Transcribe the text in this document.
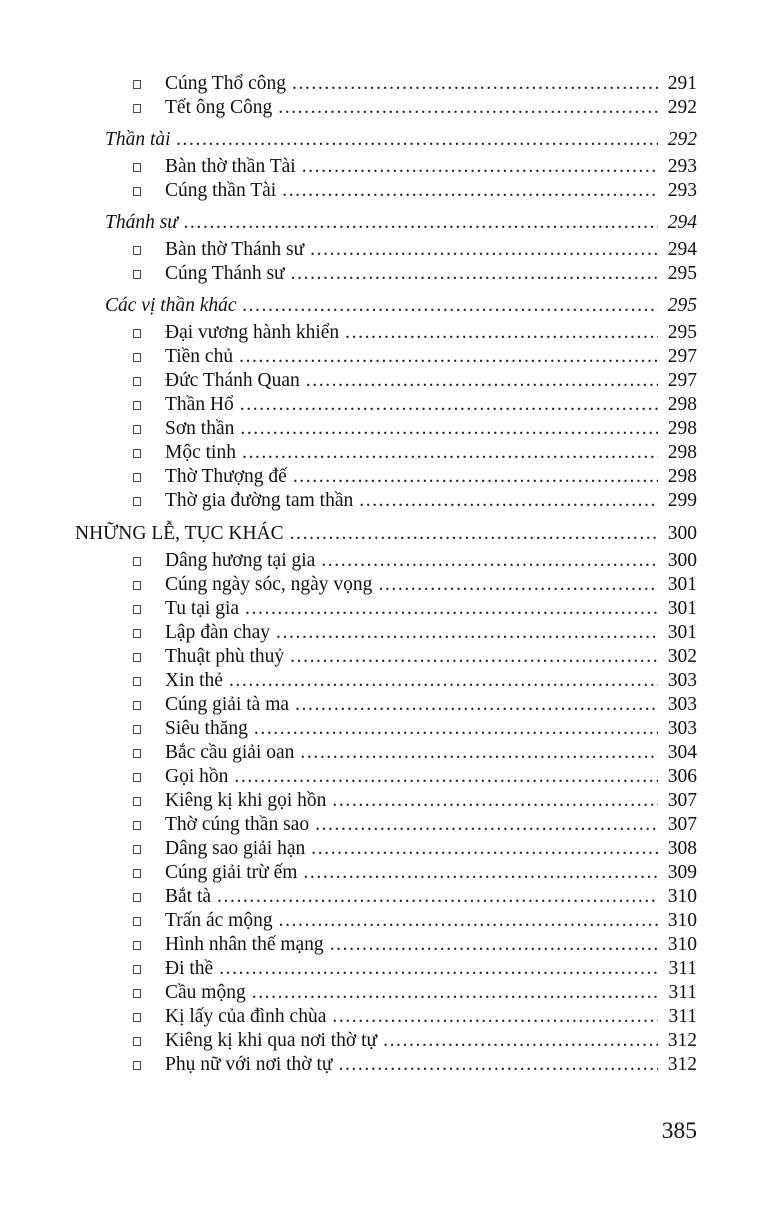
Cúng Thổ công .....	291
Tết ông Công .....	292
Thần tài .....	292
Bàn thờ thần Tài .....	293
Cúng thần Tài .....	293
Thánh sư .....	294
Bàn thờ Thánh sư .....	294
Cúng Thánh sư .....	295
Các vị thần khác .....	295
Đại vương hành khiển .....	295
Tiền chủ .....	297
Đức Thánh Quan .....	297
Thần Hổ .....	298
Sơn thần .....	298
Mộc tinh .....	298
Thờ Thượng đế .....	298
Thờ gia đường tam thần .....	299
NHỮNG LỄ, TỤC KHÁC .....	300
Dâng hương tại gia .....	300
Cúng ngày sóc, ngày vọng .....	301
Tu tại gia .....	301
Lập đàn chay .....	301
Thuật phù thuỷ .....	302
Xin thẻ .....	303
Cúng giải tà ma .....	303
Siêu thăng .....	303
Bắc cầu giải oan .....	304
Gọi hồn .....	306
Kiêng kị khi gọi hồn .....	307
Thờ cúng thần sao .....	307
Dâng sao giải hạn .....	308
Cúng giải trừ ếm .....	309
Bắt tà .....	310
Trấn ác mộng .....	310
Hình nhân thế mạng .....	310
Đi thề .....	311
Cầu mộng .....	311
Kị lấy của đình chùa .....	311
Kiêng kị khi qua nơi thờ tự .....	312
Phụ nữ với nơi thờ tự .....	312
385
